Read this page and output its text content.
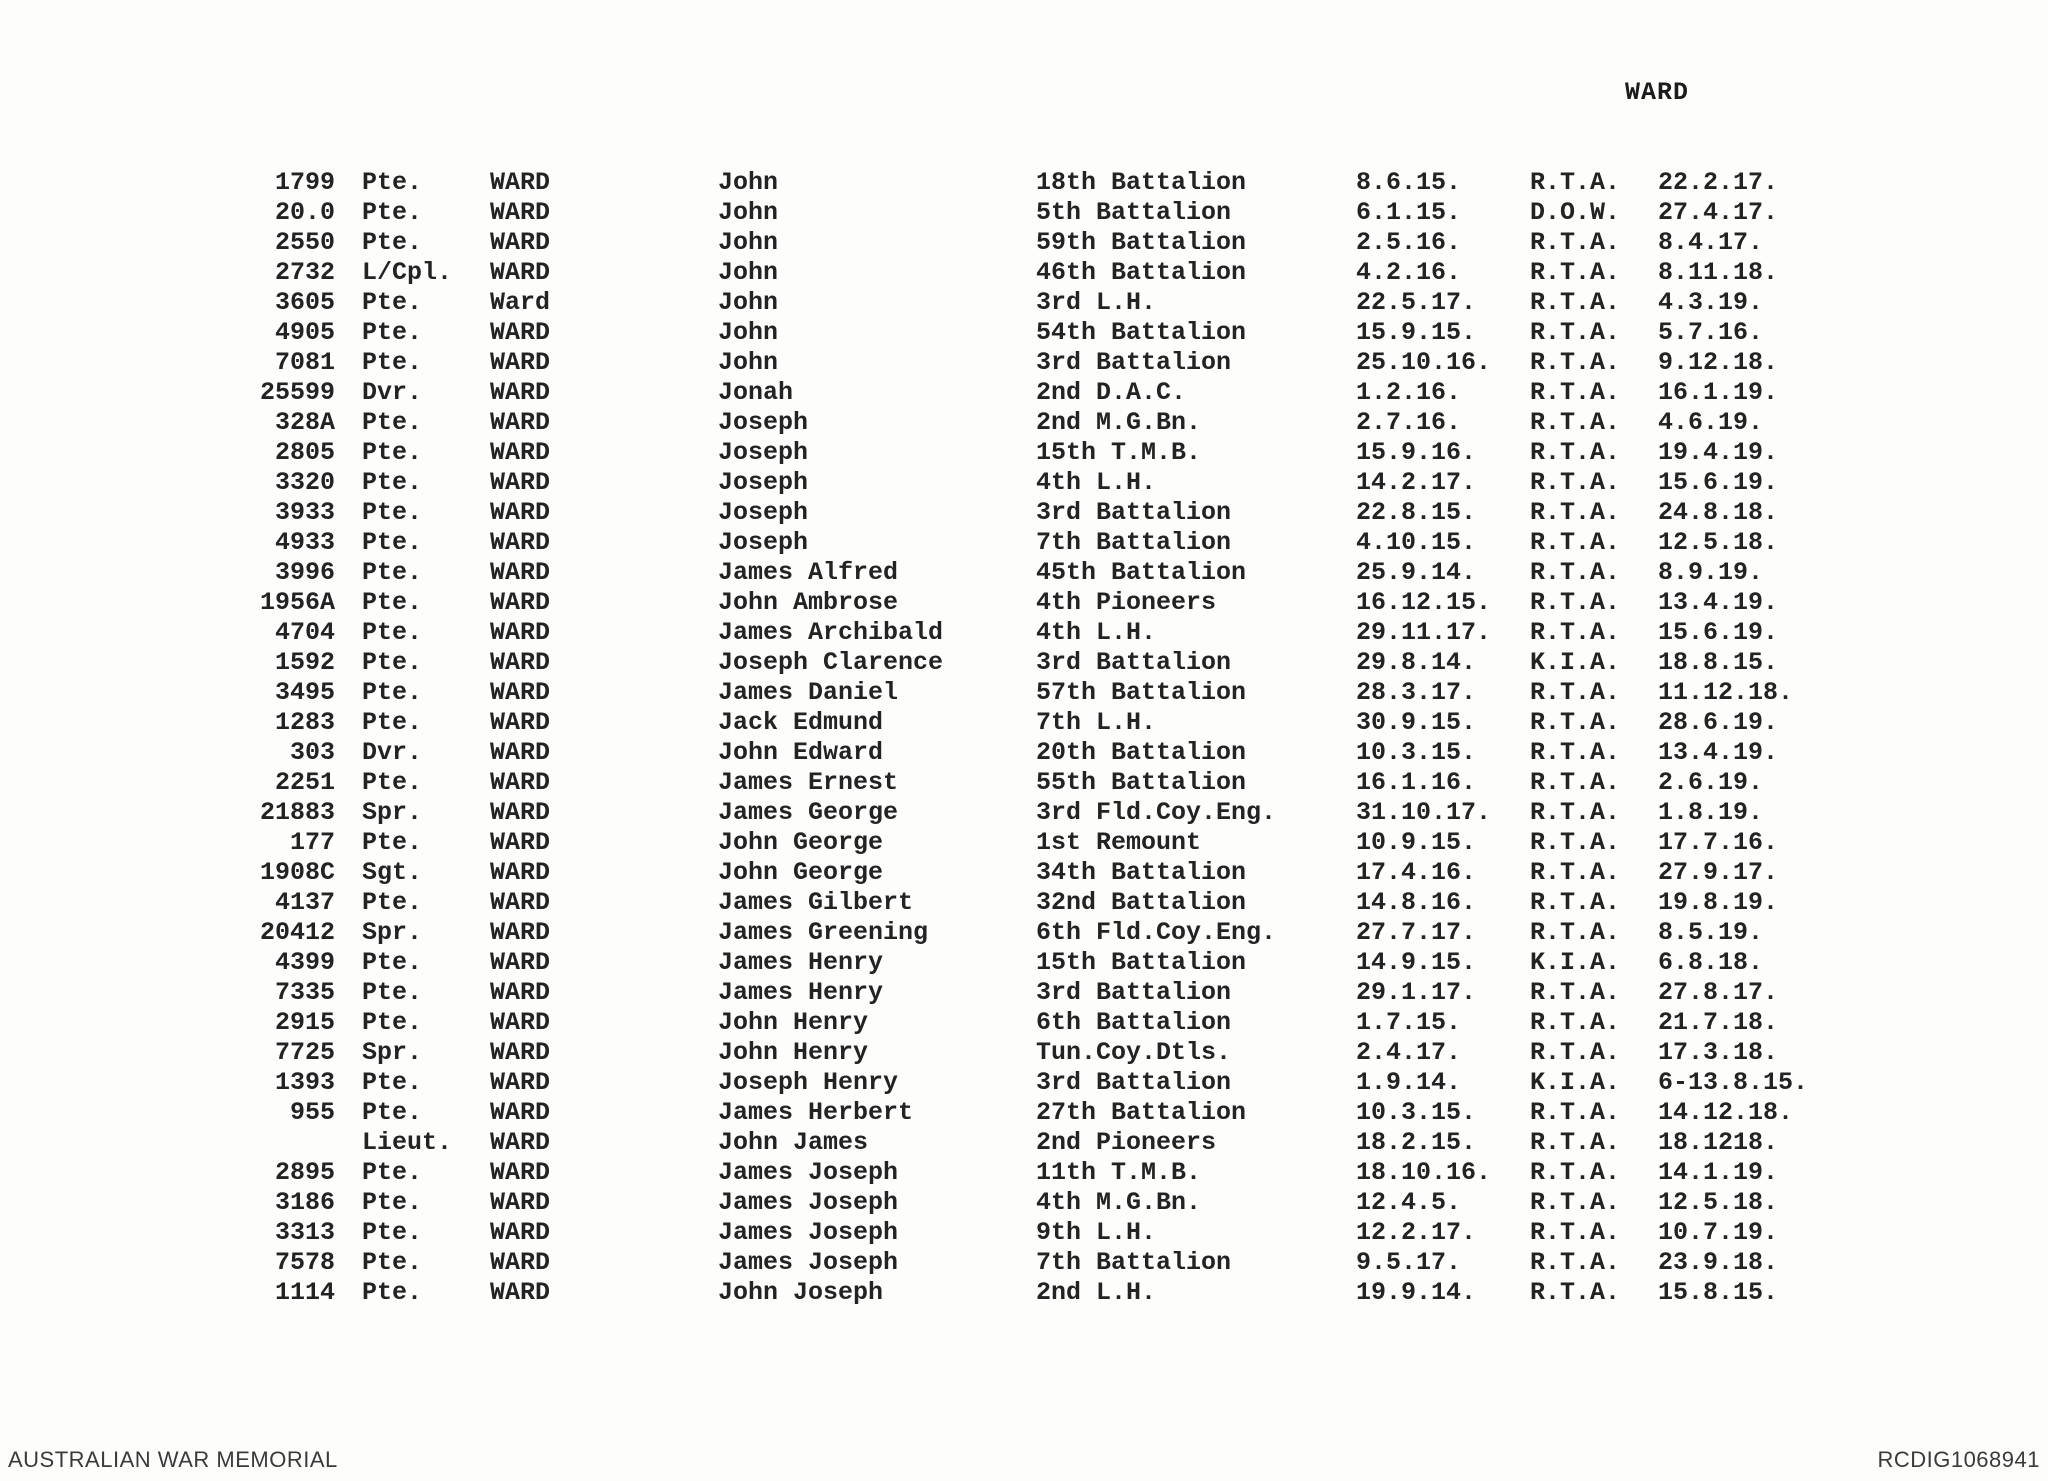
WARD
1799 Pte.	WARD	John	18th Battalion	8.6.15.	R.T.A. 22.2.17.
20.0 Pte.	WARD	John	5th Battalion	6.1.15.	D.O.W. 27.4.17.
2550 Pte.	WARD	John	59th Battalion	2.5.16.	R.T.A. 8.4.17.
2732 L/Cpl. WARD	John	46th Battalion	4.2.16.	R.T.A. 8.11.18.
3605 Pte.	Ward	John	3rd L.H.	22.5.17. R.T.A. 4.3.19.
4905 Pte.	WARD	John	54th Battalion	15.9.15. R.T.A. 5.7.16.
7081 Pte.	WARD	John	3rd Battalion	25.10.16. R.T.A. 9.12.18.
25599 Dvr.	WARD	Jonah	2nd D.A.C.	1.2.16.	R.T.A. 16.1.19.
328A Pte.	WARD	Joseph	2nd M.G.Bn.	2.7.16.	R.T.A. 4.6.19.
2805 Pte.	WARD	Joseph	15th T.M.B.	15.9.16. R.T.A. 19.4.19.
3320 Pte.	WARD	Joseph	4th L.H.	14.2.17. R.T.A. 15.6.19.
3933 Pte.	WARD	Joseph	3rd Battalion	22.8.15. R.T.A. 24.8.18.
4933 Pte.	WARD	Joseph	7th Battalion	4.10.15. R.T.A. 12.5.18.
3996 Pte.	WARD	James Alfred	45th Battalion	25.9.14. R.T.A. 8.9.19.
1956A Pte.	WARD	John Ambrose	4th Pioneers	16.12.15. R.T.A. 13.4.19.
4704 Pte.	WARD	James Archibald	4th L.H.	29.11.17. R.T.A. 15.6.19.
1592 Pte.	WARD	Joseph Clarence	3rd Battalion	29.8.14. K.I.A. 18.8.15.
3495 Pte.	WARD	James Daniel	57th Battalion	28.3.17. R.T.A. 11.12.18.
1283 Pte.	WARD	Jack Edmund	7th L.H.	30.9.15. R.T.A. 28.6.19.
303 Dvr.	WARD	John Edward	20th Battalion	10.3.15. R.T.A. 13.4.19.
2251 Pte.	WARD	James Ernest	55th Battalion	16.1.16. R.T.A. 2.6.19.
21883 Spr.	WARD	James George	3rd Fld.Coy.Eng.	31.10.17. R.T.A. 1.8.19.
177 Pte.	WARD	John George	1st Remount	10.9.15. R.T.A. 17.7.16.
1908C Sgt.	WARD	John George	34th Battalion	17.4.16. R.T.A. 27.9.17.
4137 Pte.	WARD	James Gilbert	32nd Battalion	14.8.16. R.T.A. 19.8.19.
20412 Spr.	WARD	James Greening	6th Fld.Coy.Eng.	27.7.17. R.T.A. 8.5.19.
4399 Pte.	WARD	James Henry	15th Battalion	14.9.15. K.I.A. 6.8.18.
7335 Pte.	WARD	James Henry	3rd Battalion	29.1.17. R.T.A. 27.8.17.
2915 Pte.	WARD	John Henry	6th Battalion	1.7.15.	R.T.A. 21.7.18.
7725 Spr.	WARD	John Henry	Tun.Coy.Dtls.	2.4.17.	R.T.A. 17.3.18.
1393 Pte.	WARD	Joseph Henry	3rd Battalion	1.9.14.	K.I.A. 6-13.8.15.
955 Pte.	WARD	James Herbert	27th Battalion	10.3.15. R.T.A. 14.12.18.
Lieut. WARD	John James	2nd Pioneers	18.2.15. R.T.A. 18.1218.
2895 Pte.	WARD	James Joseph	11th T.M.B.	18.10.16. R.T.A. 14.1.19.
3186 Pte.	WARD	James Joseph	4th M.G.Bn.	12.4.5.	R.T.A. 12.5.18.
3313 Pte.	WARD	James Joseph	9th L.H.	12.2.17. R.T.A. 10.7.19.
7578 Pte.	WARD	James Joseph	7th Battalion	9.5.17.	R.T.A. 23.9.18.
1114 Pte.	WARD	John Joseph	2nd L.H.	19.9.14. R.T.A. 15.8.15.
AUSTRALIAN WAR MEMORIAL	RCDIG1068941
